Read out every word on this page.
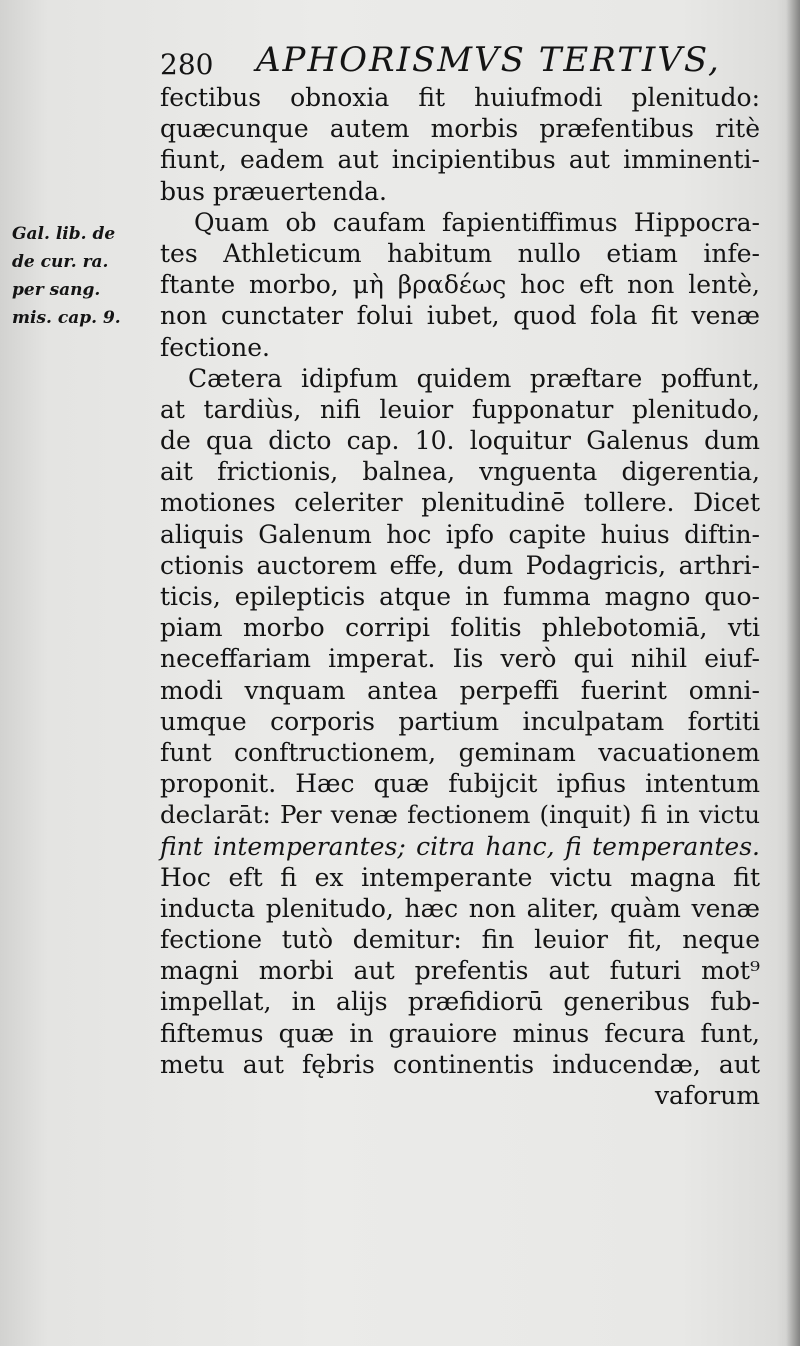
280 APHORISMVS TERTIVS,
Gal. lib. de
de cur. ra.
per sang.
mis. cap. 9.
fectibus obnoxia fit huiufmodi plenitudo:
quæcunque autem morbis præfentibus ritè
fiunt, eadem aut incipientibus aut imminenti-
bus præuertenda.
Quam ob caufam fapientiffimus Hippocra-
tes Athleticum habitum nullo etiam infe-
ftante morbo, μὴ βραδέως hoc eft non lentè,
non cunctater folui iubet, quod fola fit venæ
fectione.
Cætera idipfum quidem præftare poffunt,
at tardiùs, nifi leuior fupponatur plenitudo,
de qua dicto cap. 10. loquitur Galenus dum
ait frictionis, balnea, vnguenta digerentia,
motiones celeriter plenitudinē tollere. Dicet
aliquis Galenum hoc ipfo capite huius diftin-
ctionis auctorem effe, dum Podagricis, arthri-
ticis, epilepticis atque in fumma magno quo-
piam morbo corripi folitis phlebotomiā, vti
neceffariam imperat. Iis verò qui nihil eiuf-
modi vnquam antea perpeffi fuerint omni-
umque corporis partium inculpatam fortiti
funt conftructionem, geminam vacuationem
proponit. Hæc quæ fubijcit ipfius intentum
declarāt: Per venæ fectionem (inquit) fi in victu
fint intemperantes; citra hanc, fi temperantes.
Hoc eft fi ex intemperante victu magna fit
inducta plenitudo, hæc non aliter, quàm venæ
fectione tutò demitur: fin leuior fit, neque
magni morbi aut prefentis aut futuri mot⁹
impellat, in alijs præfidiorū generibus fub-
fiftemus quæ in grauiore minus fecura funt,
metu aut fębris continentis inducendæ, aut
vaforum
